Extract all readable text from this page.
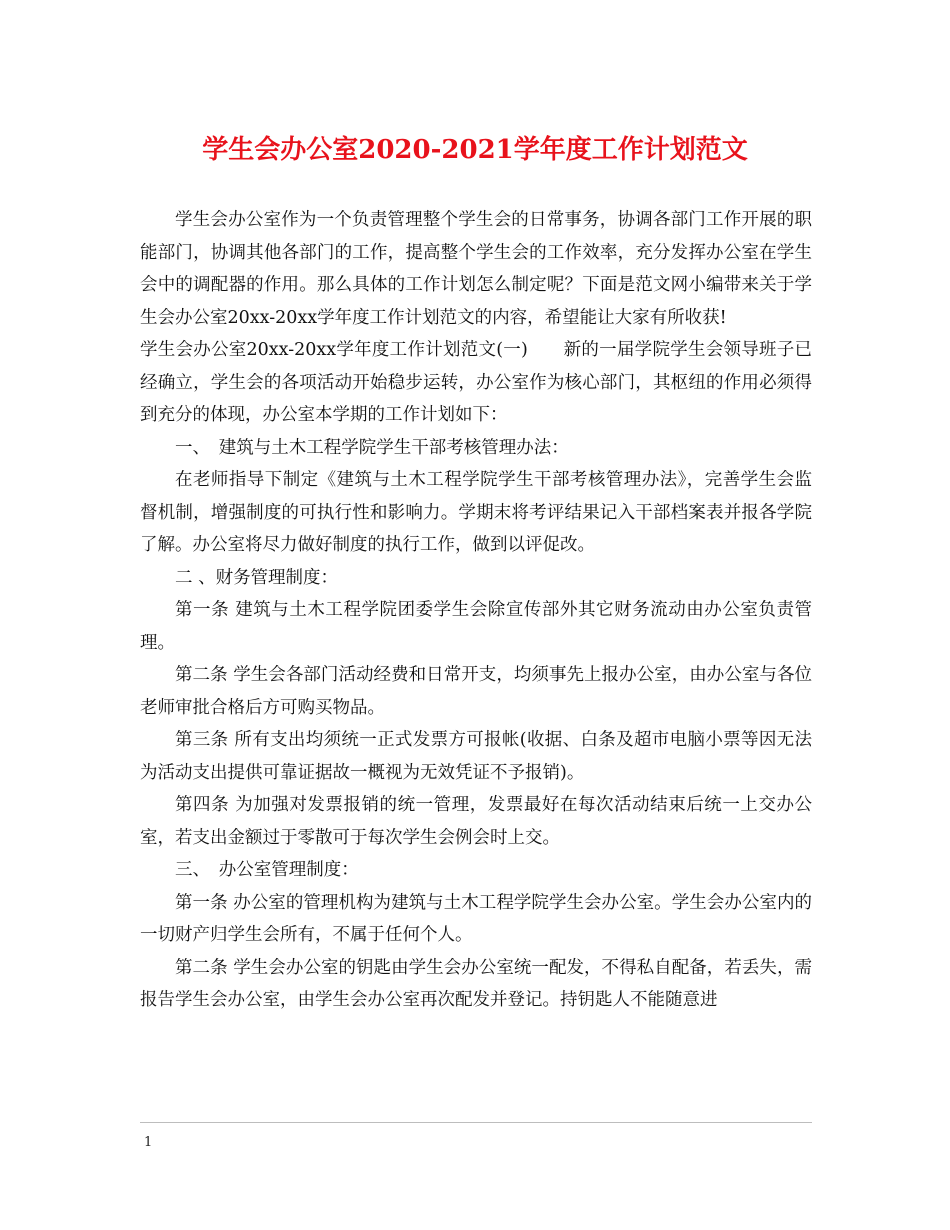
学生会办公室2020-2021学年度工作计划范文

学生会办公室作为一个负责管理整个学生会的日常事务，协调各部门工作开展的职能部门，协调其他各部门的工作，提高整个学生会的工作效率，充分发挥办公室在学生会中的调配器的作用。那么具体的工作计划怎么制定呢？下面是范文网小编带来关于学生会办公室20xx-20xx学年度工作计划范文的内容，希望能让大家有所收获!

学生会办公室20xx-20xx学年度工作计划范文(一)　　新的一届学院学生会领导班子已经确立，学生会的各项活动开始稳步运转，办公室作为核心部门，其枢纽的作用必须得到充分的体现，办公室本学期的工作计划如下：

一、　建筑与土木工程学院学生干部考核管理办法：

在老师指导下制定《建筑与土木工程学院学生干部考核管理办法》，完善学生会监督机制，增强制度的可执行性和影响力。学期末将考评结果记入干部档案表并报各学院了解。办公室将尽力做好制度的执行工作，做到以评促改。

二 、财务管理制度：

第一条 建筑与土木工程学院团委学生会除宣传部外其它财务流动由办公室负责管理。

第二条 学生会各部门活动经费和日常开支，均须事先上报办公室，由办公室与各位老师审批合格后方可购买物品。

第三条 所有支出均须统一正式发票方可报帐(收据、白条及超市电脑小票等因无法为活动支出提供可靠证据故一概视为无效凭证不予报销)。

第四条 为加强对发票报销的统一管理，发票最好在每次活动结束后统一上交办公室，若支出金额过于零散可于每次学生会例会时上交。

三、　办公室管理制度：

第一条 办公室的管理机构为建筑与土木工程学院学生会办公室。学生会办公室内的一切财产归学生会所有，不属于任何个人。

第二条 学生会办公室的钥匙由学生会办公室统一配发，不得私自配备，若丢失，需报告学生会办公室，由学生会办公室再次配发并登记。持钥匙人不能随意进

1
